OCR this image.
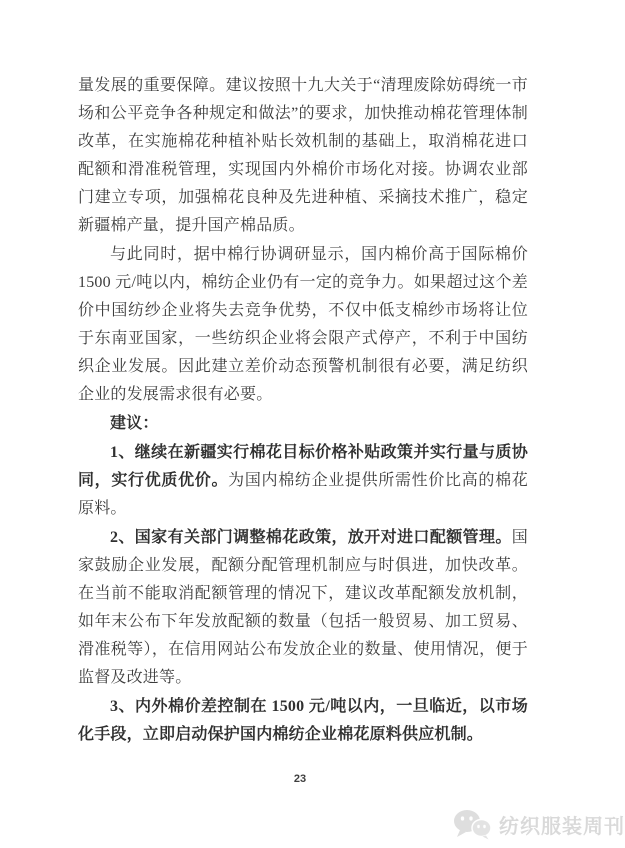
量发展的重要保障。建议按照十九大关于“清理废除妨碍统一市场和公平竞争各种规定和做法”的要求，加快推动棉花管理体制改革，在实施棉花种植补贴长效机制的基础上，取消棉花进口配额和滑准税管理，实现国内外棉价市场化对接。协调农业部门建立专项，加强棉花良种及先进种植、采摘技术推广，稳定新疆棉产量，提升国产棉品质。

与此同时，据中棉行协调研显示，国内棉价高于国际棉价1500 元/吨以内，棉纺企业仍有一定的竞争力。如果超过这个差价中国纺纱企业将失去竞争优势，不仅中低支棉纱市场将让位于东南亚国家，一些纺织企业将会限产式停产，不利于中国纺织企业发展。因此建立差价动态预警机制很有必要，满足纺织企业的发展需求很有必要。

建议：

1、继续在新疆实行棉花目标价格补贴政策并实行量与质协同，实行优质优价。为国内棉纺企业提供所需性价比高的棉花原料。

2、国家有关部门调整棉花政策，放开对进口配额管理。国家鼓励企业发展，配额分配管理机制应与时俱进，加快改革。在当前不能取消配额管理的情况下，建议改革配额发放机制，如年末公布下年发放配额的数量（包括一般贸易、加工贸易、滑准税等），在信用网站公布发放企业的数量、使用情况，便于监督及改进等。

3、内外棉价差控制在 1500 元/吨以内，一旦临近，以市场化手段，立即启动保护国内棉纺企业棉花原料供应机制。

23
纺织服装周刊
